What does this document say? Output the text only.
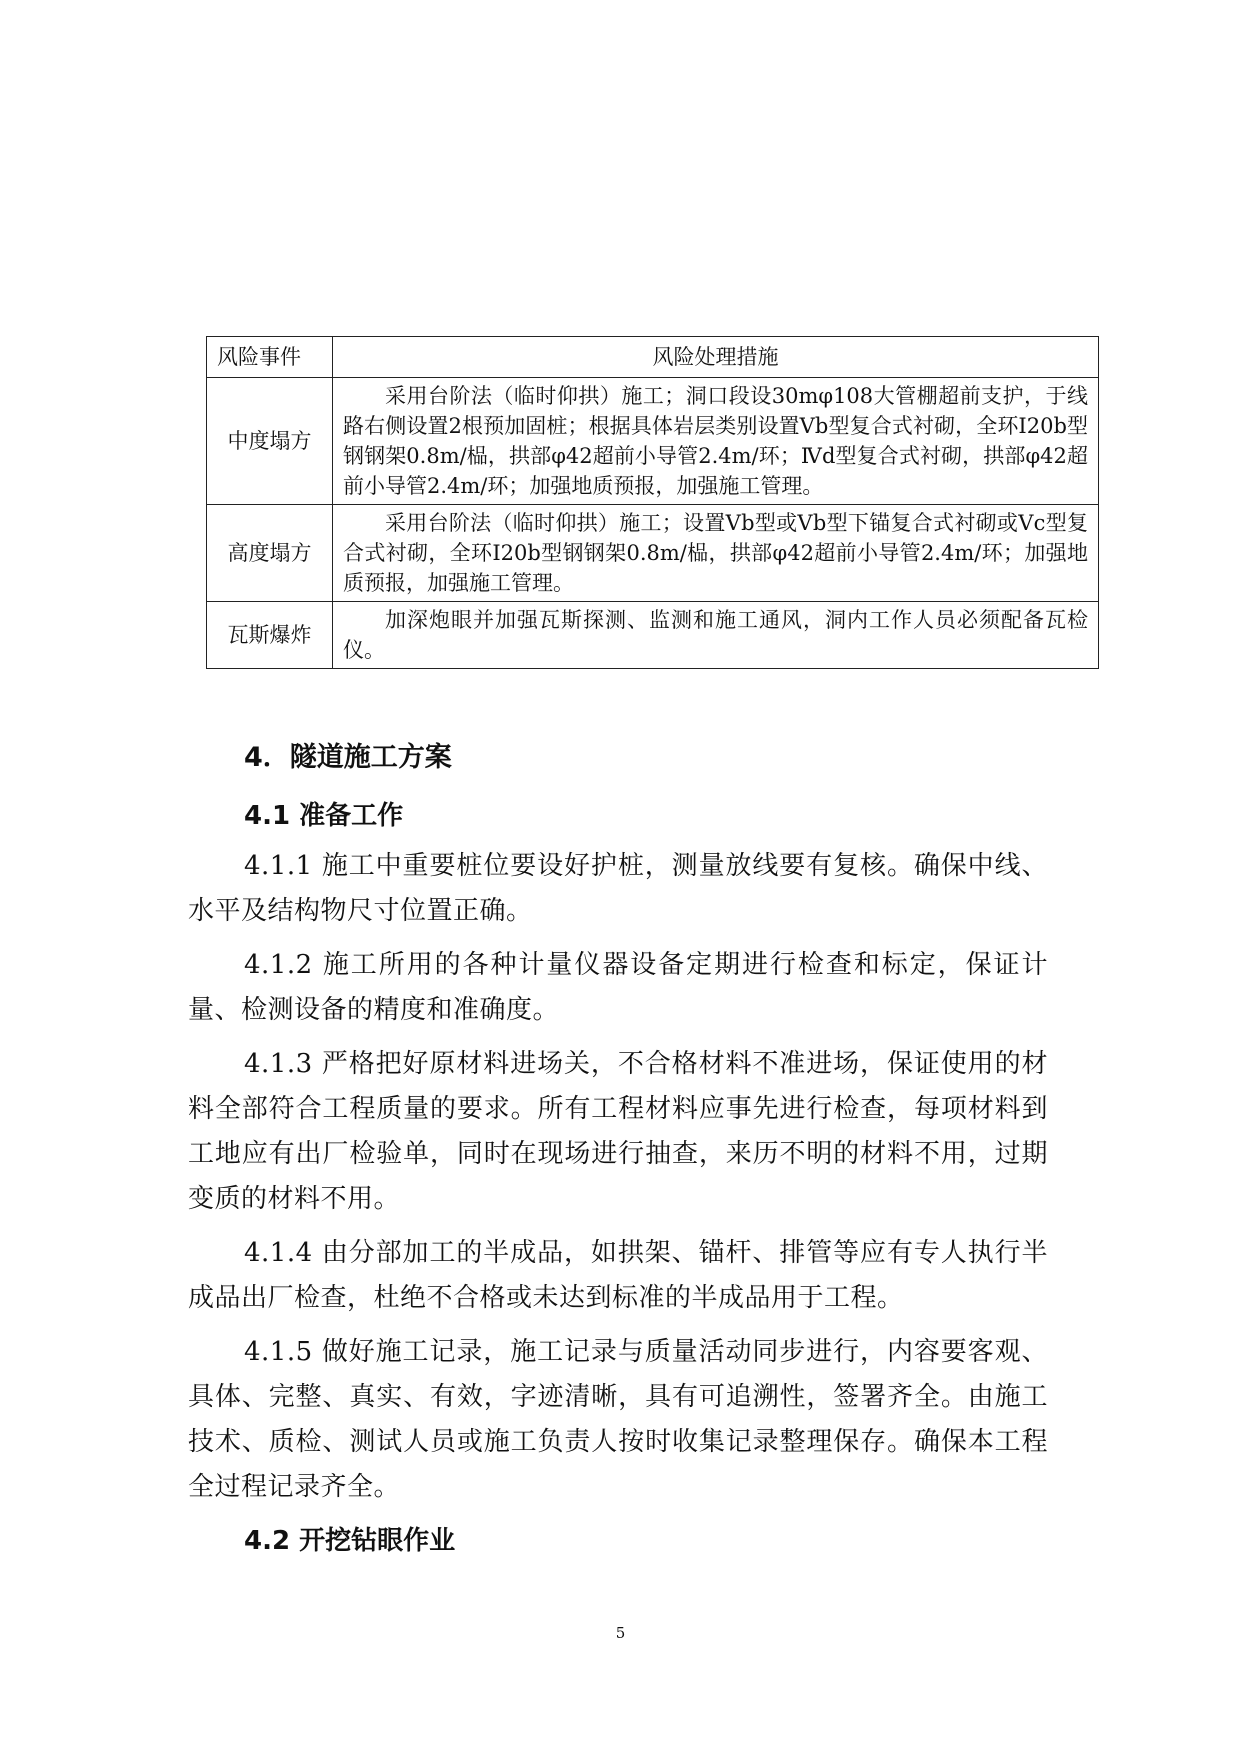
风险事件	风险处理措施
中度塌方	采用台阶法（临时仰拱）施工；洞口段设30mφ108大管棚超前支护，于线路右侧设置2根预加固桩；根据具体岩层类别设置Ⅴb型复合式衬砌，全环I20b型钢钢架0.8m/榀，拱部φ42超前小导管2.4m/环；Ⅳd型复合式衬砌，拱部φ42超前小导管2.4m/环；加强地质预报，加强施工管理。
高度塌方	采用台阶法（临时仰拱）施工；设置Ⅴb型或Ⅴb型下锚复合式衬砌或Ⅴc型复合式衬砌，全环I20b型钢钢架0.8m/榀，拱部φ42超前小导管2.4m/环；加强地质预报，加强施工管理。
瓦斯爆炸	加深炮眼并加强瓦斯探测、监测和施工通风，洞内工作人员必须配备瓦检仪。
4．隧道施工方案
4.1 准备工作

4.1.1 施工中重要桩位要设好护桩，测量放线要有复核。确保中线、水平及结构物尺寸位置正确。

4.1.2 施工所用的各种计量仪器设备定期进行检查和标定，保证计量、检测设备的精度和准确度。

4.1.3 严格把好原材料进场关，不合格材料不准进场，保证使用的材料全部符合工程质量的要求。所有工程材料应事先进行检查，每项材料到工地应有出厂检验单，同时在现场进行抽查，来历不明的材料不用，过期变质的材料不用。

4.1.4 由分部加工的半成品，如拱架、锚杆、排管等应有专人执行半成品出厂检查，杜绝不合格或未达到标准的半成品用于工程。

4.1.5 做好施工记录，施工记录与质量活动同步进行，内容要客观、具体、完整、真实、有效，字迹清晰，具有可追溯性，签署齐全。由施工技术、质检、测试人员或施工负责人按时收集记录整理保存。确保本工程全过程记录齐全。

4.2 开挖钻眼作业
5
